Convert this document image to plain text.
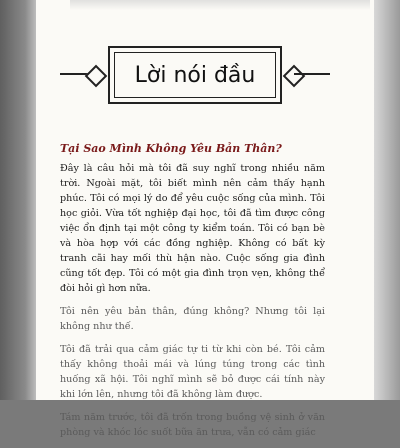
Lời nói đầu

Tại Sao Mình Không Yêu Bản Thân?

Đây là câu hỏi mà tôi đã suy nghĩ trong nhiều năm trời. Ngoài mặt, tôi biết mình nên cảm thấy hạnh phúc. Tôi có mọi lý do để yêu cuộc sống của mình. Tôi học giỏi. Vừa tốt nghiệp đại học, tôi đã tìm được công việc ổn định tại một công ty kiểm toán. Tôi có bạn bè và hòa hợp với các đồng nghiệp. Không có bất kỳ tranh cãi hay mối thù hận nào. Cuộc sống gia đình cũng tốt đẹp. Tôi có một gia đình trọn vẹn, không thể đòi hỏi gì hơn nữa.

Tôi nên yêu bản thân, đúng không? Nhưng tôi lại không như thế.

Tôi đã trải qua cảm giác tự ti từ khi còn bé. Tôi cảm thấy không thoải mái và lúng túng trong các tình huống xã hội. Tôi nghĩ mình sẽ bỏ được cái tính này khi lớn lên, nhưng tôi đã không làm được.

Tám năm trước, tôi đã trốn trong buồng vệ sinh ở văn phòng và khóc lóc suốt bữa ăn trưa, vẫn có cảm giác
